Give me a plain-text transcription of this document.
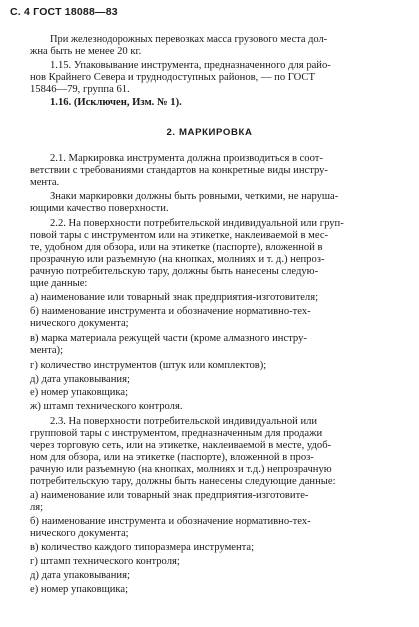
С. 4 ГОСТ 18088—83
При железнодорожных перевозках масса грузового места дол-
жна быть не менее 20 кг.
1.15. Упаковывание инструмента, предназначенного для райо-
нов Крайнего Севера и труднодоступных районов, — по ГОСТ
15846—79, группа 61.
1.16. (Исключен, Изм. № 1).
2. МАРКИРОВКА
2.1. Маркировка инструмента должна производиться в соот-
ветствии с требованиями стандартов на конкретные виды инстру-
мента.
Знаки маркировки должны быть ровными, четкими, не наруша-
ющими качество поверхности.
2.2. На поверхности потребительской индивидуальной или груп-
повой тары с инструментом или на этикетке, наклеиваемой в мес-
те, удобном для обзора, или на этикетке (паспорте), вложенной в
прозрачную или разъемную (на кнопках, молниях и т. д.) непроз-
рачную потребительскую тару, должны быть нанесены следую-
щие данные:
а) наименование или товарный знак предприятия-изготовителя;
б) наименование инструмента и обозначение нормативно-тех-
нического документа;
в) марка материала режущей части (кроме алмазного инстру-
мента);
г) количество инструментов (штук или комплектов);
д) дата упаковывания;
е) номер упаковщика;
ж) штамп технического контроля.
2.3. На поверхности потребительской индивидуальной или
групповой тары с инструментом, предназначенным для продажи
через торговую сеть, или на этикетке, наклеиваемой в месте, удоб-
ном для обзора, или на этикетке (паспорте), вложенной в проз-
рачную или разъемную (на кнопках, молниях и т.д.) непрозрачную
потребительскую тару, должны быть нанесены следующие данные:
а) наименование или товарный знак предприятия-изготовите-
ля;
б) наименование инструмента и обозначение нормативно-тех-
нического документа;
в) количество каждого типоразмера инструмента;
г) штамп технического контроля;
д) дата упаковывания;
е) номер упаковщика;
